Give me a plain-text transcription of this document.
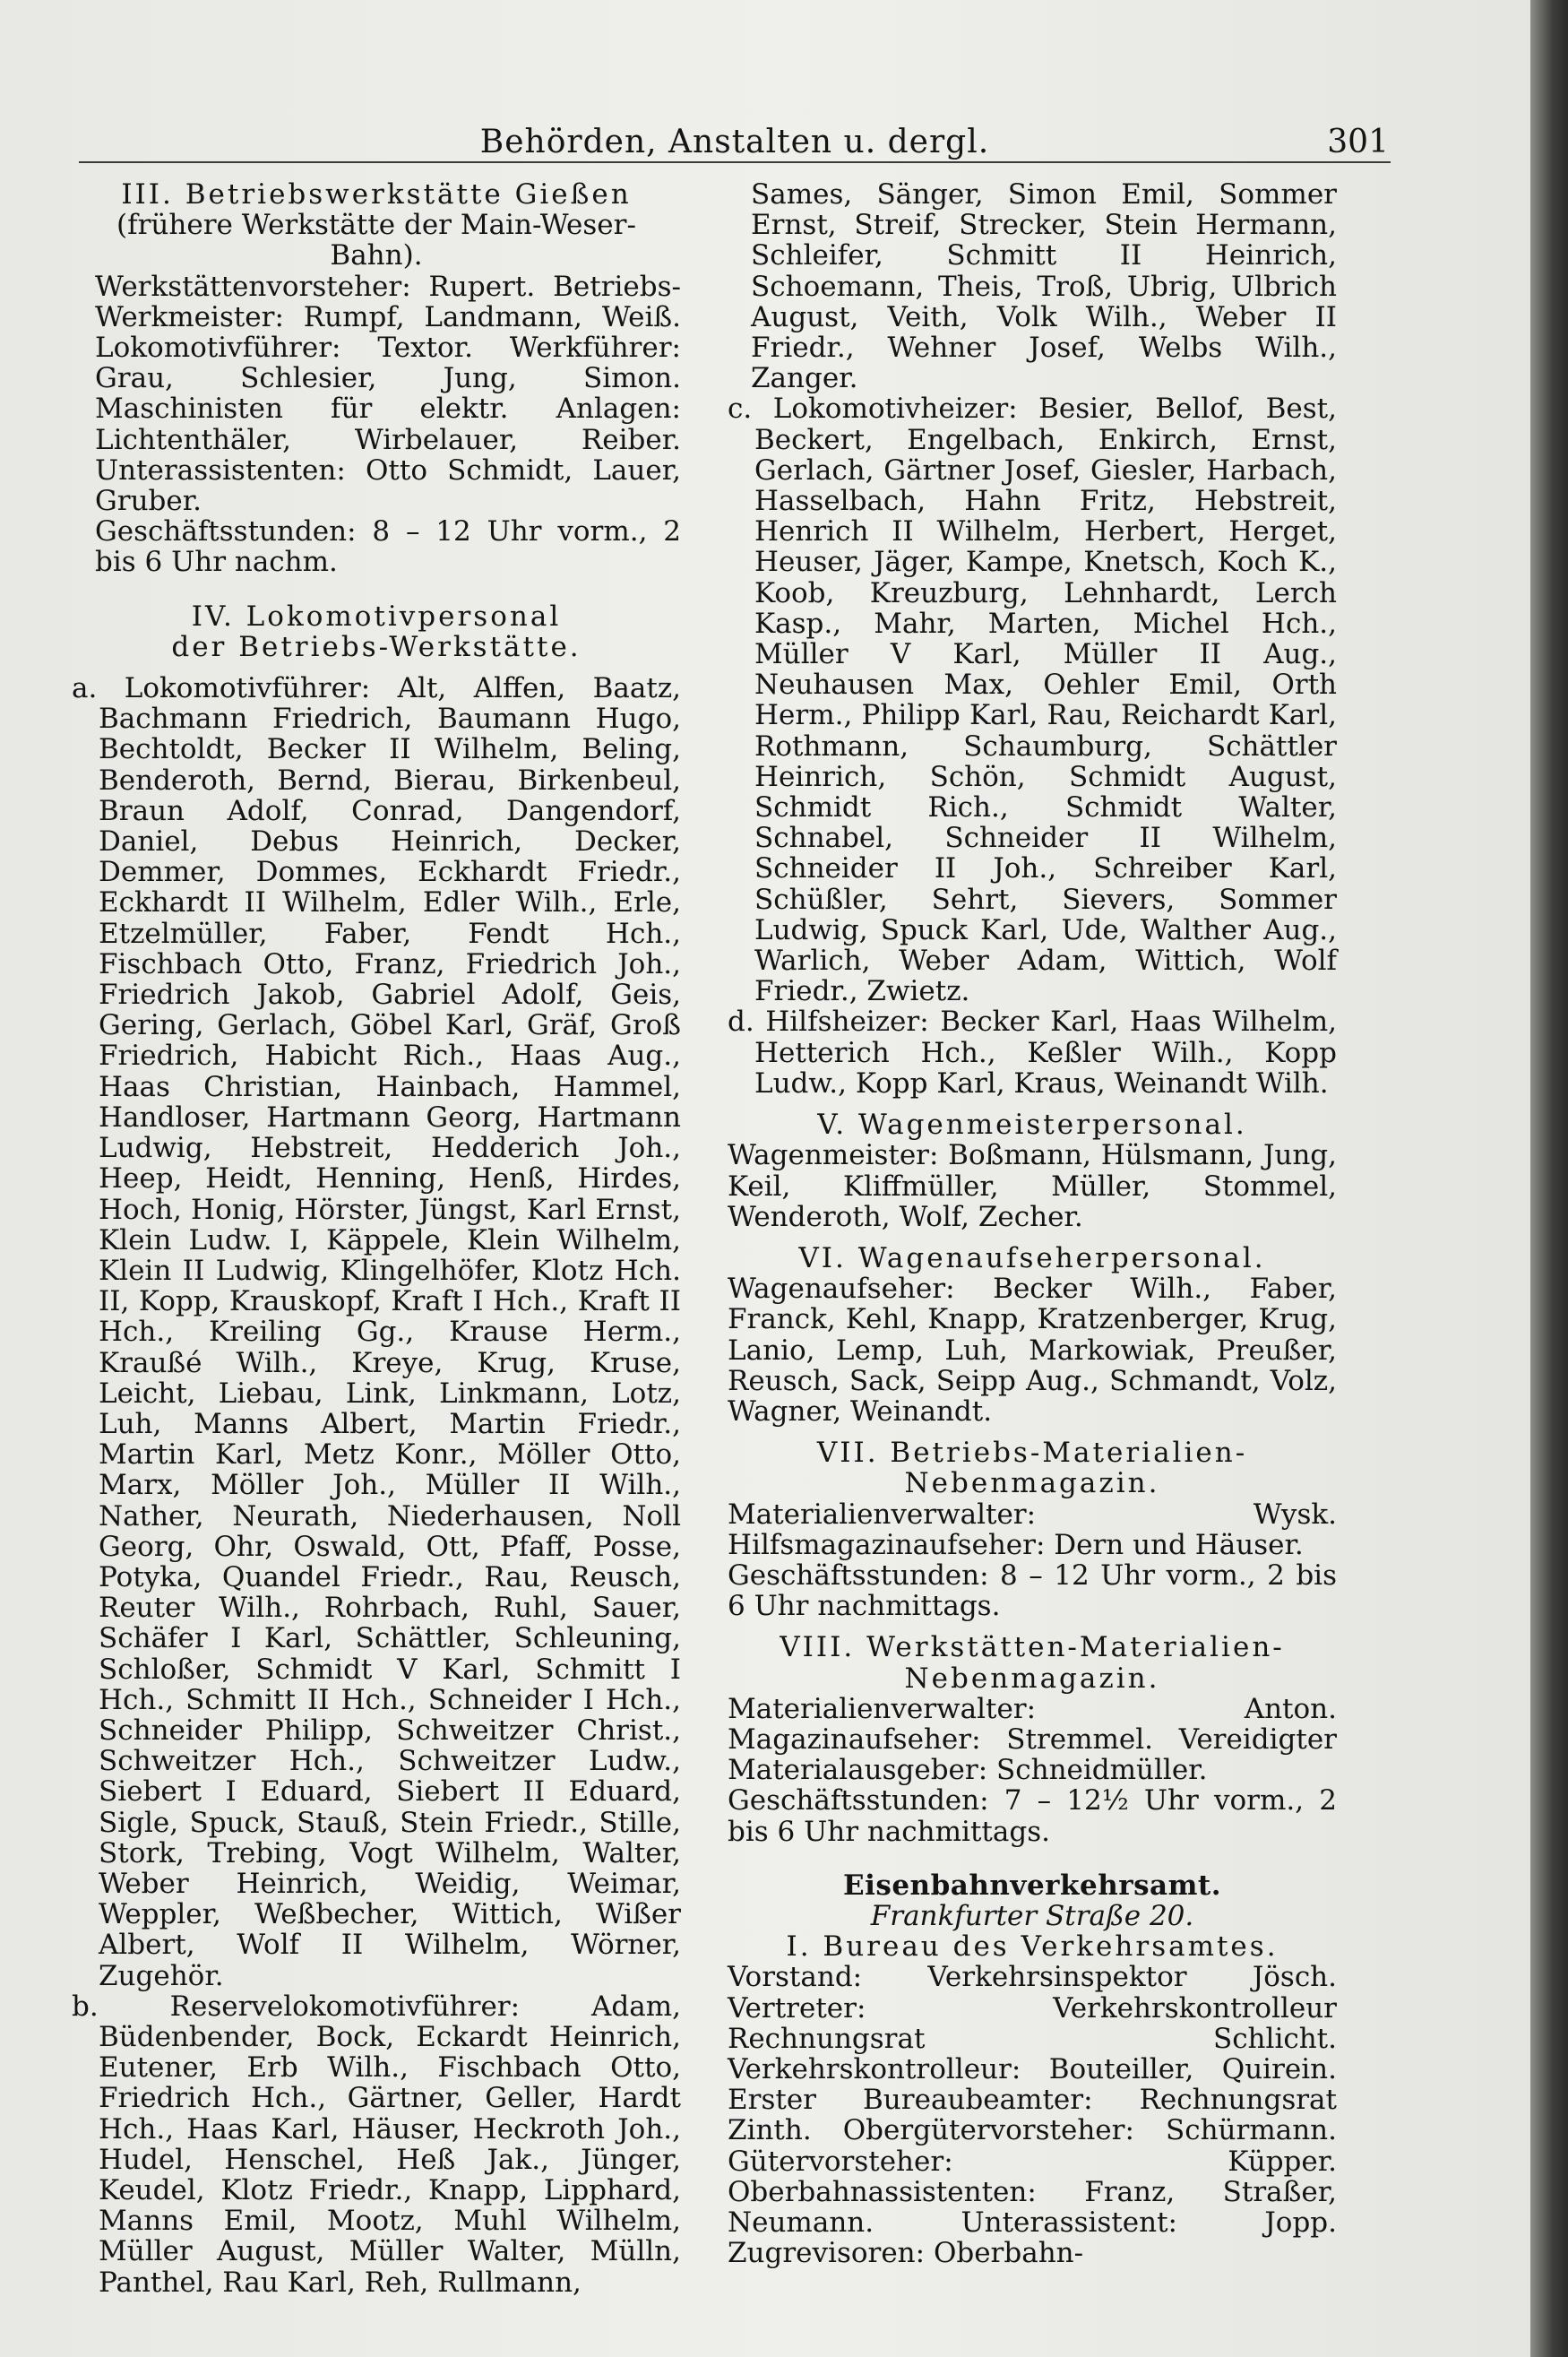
Behörden, Anstalten u. dergl.	301
III. Betriebswerkstätte Gießen

(frühere Werkstätte der Main-Weser-Bahn).

Werkstättenvorsteher: Rupert. Betriebs-Werkmeister: Rumpf, Landmann, Weiß. Lokomotivführer: Textor. Werkführer: Grau, Schlesier, Jung, Simon. Maschinisten für elektr. Anlagen: Lichtenthäler, Wirbelauer, Reiber. Unterassistenten: Otto Schmidt, Lauer, Gruber.

Geschäftsstunden: 8 – 12 Uhr vorm., 2 bis 6 Uhr nachm.

IV. Lokomotivpersonal
der Betriebs-Werkstätte.

a. Lokomotivführer: Alt, Alffen, Baatz, Bachmann Friedrich, Baumann Hugo, Bechtoldt, Becker II Wilhelm, Beling, Benderoth, Bernd, Bierau, Birkenbeul, Braun Adolf, Conrad, Dangendorf, Daniel, Debus Heinrich, Decker, Demmer, Dommes, Eckhardt Friedr., Eckhardt II Wilhelm, Edler Wilh., Erle, Etzelmüller, Faber, Fendt Hch., Fischbach Otto, Franz, Friedrich Joh., Friedrich Jakob, Gabriel Adolf, Geis, Gering, Gerlach, Göbel Karl, Gräf, Groß Friedrich, Habicht Rich., Haas Aug., Haas Christian, Hainbach, Hammel, Handloser, Hartmann Georg, Hartmann Ludwig, Hebstreit, Hedderich Joh., Heep, Heidt, Henning, Henß, Hirdes, Hoch, Honig, Hörster, Jüngst, Karl Ernst, Klein Ludw. I, Käppele, Klein Wilhelm, Klein II Ludwig, Klingelhöfer, Klotz Hch. II, Kopp, Krauskopf, Kraft I Hch., Kraft II Hch., Kreiling Gg., Krause Herm., Kraußé Wilh., Kreye, Krug, Kruse, Leicht, Liebau, Link, Linkmann, Lotz, Luh, Manns Albert, Martin Friedr., Martin Karl, Metz Konr., Möller Otto, Marx, Möller Joh., Müller II Wilh., Nather, Neurath, Niederhausen, Noll Georg, Ohr, Oswald, Ott, Pfaff, Posse, Potyka, Quandel Friedr., Rau, Reusch, Reuter Wilh., Rohrbach, Ruhl, Sauer, Schäfer I Karl, Schättler, Schleuning, Schloßer, Schmidt V Karl, Schmitt I Hch., Schmitt II Hch., Schneider I Hch., Schneider Philipp, Schweitzer Christ., Schweitzer Hch., Schweitzer Ludw., Siebert I Eduard, Siebert II Eduard, Sigle, Spuck, Stauß, Stein Friedr., Stille, Stork, Trebing, Vogt Wilhelm, Walter, Weber Heinrich, Weidig, Weimar, Weppler, Weßbecher, Wittich, Wißer Albert, Wolf II Wilhelm, Wörner, Zugehör.

b. Reservelokomotivführer: Adam, Büdenbender, Bock, Eckardt Heinrich, Eutener, Erb Wilh., Fischbach Otto, Friedrich Hch., Gärtner, Geller, Hardt Hch., Haas Karl, Häuser, Heckroth Joh., Hudel, Henschel, Heß Jak., Jünger, Keudel, Klotz Friedr., Knapp, Lipphard, Manns Emil, Mootz, Muhl Wilhelm, Müller August, Müller Walter, Mülln, Panthel, Rau Karl, Reh, Rullmann,

Sames, Sänger, Simon Emil, Sommer Ernst, Streif, Strecker, Stein Hermann, Schleifer, Schmitt II Heinrich, Schoemann, Theis, Troß, Ubrig, Ulbrich August, Veith, Volk Wilh., Weber II Friedr., Wehner Josef, Welbs Wilh., Zanger.

c. Lokomotivheizer: Besier, Bellof, Best, Beckert, Engelbach, Enkirch, Ernst, Gerlach, Gärtner Josef, Giesler, Harbach, Hasselbach, Hahn Fritz, Hebstreit, Henrich II Wilhelm, Herbert, Herget, Heuser, Jäger, Kampe, Knetsch, Koch K., Koob, Kreuzburg, Lehnhardt, Lerch Kasp., Mahr, Marten, Michel Hch., Müller V Karl, Müller II Aug., Neuhausen Max, Oehler Emil, Orth Herm., Philipp Karl, Rau, Reichardt Karl, Rothmann, Schaumburg, Schättler Heinrich, Schön, Schmidt August, Schmidt Rich., Schmidt Walter, Schnabel, Schneider II Wilhelm, Schneider II Joh., Schreiber Karl, Schüßler, Sehrt, Sievers, Sommer Ludwig, Spuck Karl, Ude, Walther Aug., Warlich, Weber Adam, Wittich, Wolf Friedr., Zwietz.

d. Hilfsheizer: Becker Karl, Haas Wilhelm, Hetterich Hch., Keßler Wilh., Kopp Ludw., Kopp Karl, Kraus, Weinandt Wilh.

V. Wagenmeisterpersonal.

Wagenmeister: Boßmann, Hülsmann, Jung, Keil, Kliffmüller, Müller, Stommel, Wenderoth, Wolf, Zecher.

VI. Wagenaufseherpersonal.

Wagenaufseher: Becker Wilh., Faber, Franck, Kehl, Knapp, Kratzenberger, Krug, Lanio, Lemp, Luh, Markowiak, Preußer, Reusch, Sack, Seipp Aug., Schmandt, Volz, Wagner, Weinandt.

VII. Betriebs-Materialien-Nebenmagazin.

Materialienverwalter: Wysk. Hilfsmagazinaufseher: Dern und Häuser.

Geschäftsstunden: 8 – 12 Uhr vorm., 2 bis 6 Uhr nachmittags.

VIII. Werkstätten-Materialien-Nebenmagazin.

Materialienverwalter: Anton. Magazinaufseher: Stremmel. Vereidigter Materialausgeber: Schneidmüller.

Geschäftsstunden: 7 – 12½ Uhr vorm., 2 bis 6 Uhr nachmittags.

Eisenbahnverkehrsamt.

Frankfurter Straße 20.

I. Bureau des Verkehrsamtes.

Vorstand: Verkehrsinspektor Jösch. Vertreter: Verkehrskontrolleur Rechnungsrat Schlicht. Verkehrskontrolleur: Bouteiller, Quirein. Erster Bureaubeamter: Rechnungsrat Zinth. Obergütervorsteher: Schürmann. Gütervorsteher: Küpper. Oberbahnassistenten: Franz, Straßer, Neumann. Unterassistent: Jopp. Zugrevisoren: Oberbahn-
